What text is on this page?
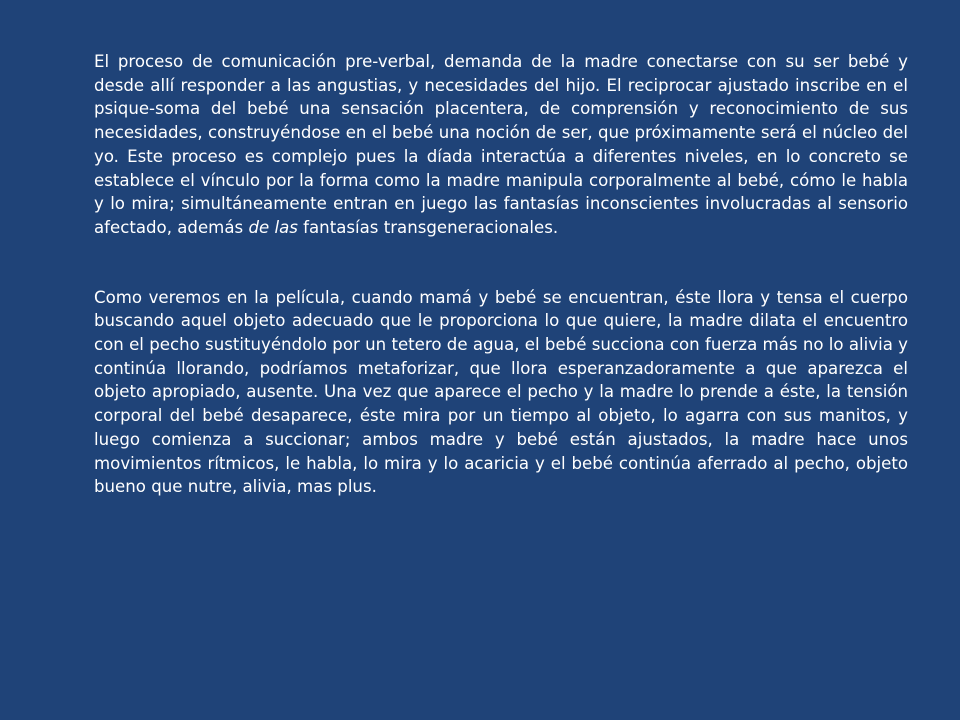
El proceso de comunicación pre-verbal, demanda de la madre conectarse con su ser bebé y desde allí responder a las angustias, y necesidades del hijo. El reciprocar ajustado inscribe en el psique-soma del bebé una sensación placentera, de comprensión y reconocimiento de sus necesidades, construyéndose en el bebé una noción de ser, que próximamente será el núcleo del yo. Este proceso es complejo pues la díada interactúa a diferentes niveles, en lo concreto se establece el vínculo por la forma como la madre manipula corporalmente al bebé, cómo le habla y lo mira; simultáneamente entran en juego las fantasías inconscientes involucradas al sensorio afectado, además de las fantasías transgeneracionales.

Como veremos en la película, cuando mamá y bebé se encuentran, éste llora y tensa el cuerpo buscando aquel objeto adecuado que le proporciona lo que quiere, la madre dilata el encuentro con el pecho sustituyéndolo por un tetero de agua, el bebé succiona con fuerza más no lo alivia y continúa llorando, podríamos metaforizar, que llora esperanzadoramente a que aparezca el objeto apropiado, ausente. Una vez que aparece el pecho y la madre lo prende a éste, la tensión corporal del bebé desaparece, éste mira por un tiempo al objeto, lo agarra con sus manitos, y luego comienza a succionar; ambos madre y bebé están ajustados, la madre hace unos movimientos rítmicos, le habla, lo mira y lo acaricia y el bebé continúa aferrado al pecho, objeto bueno que nutre, alivia, mas plus.
